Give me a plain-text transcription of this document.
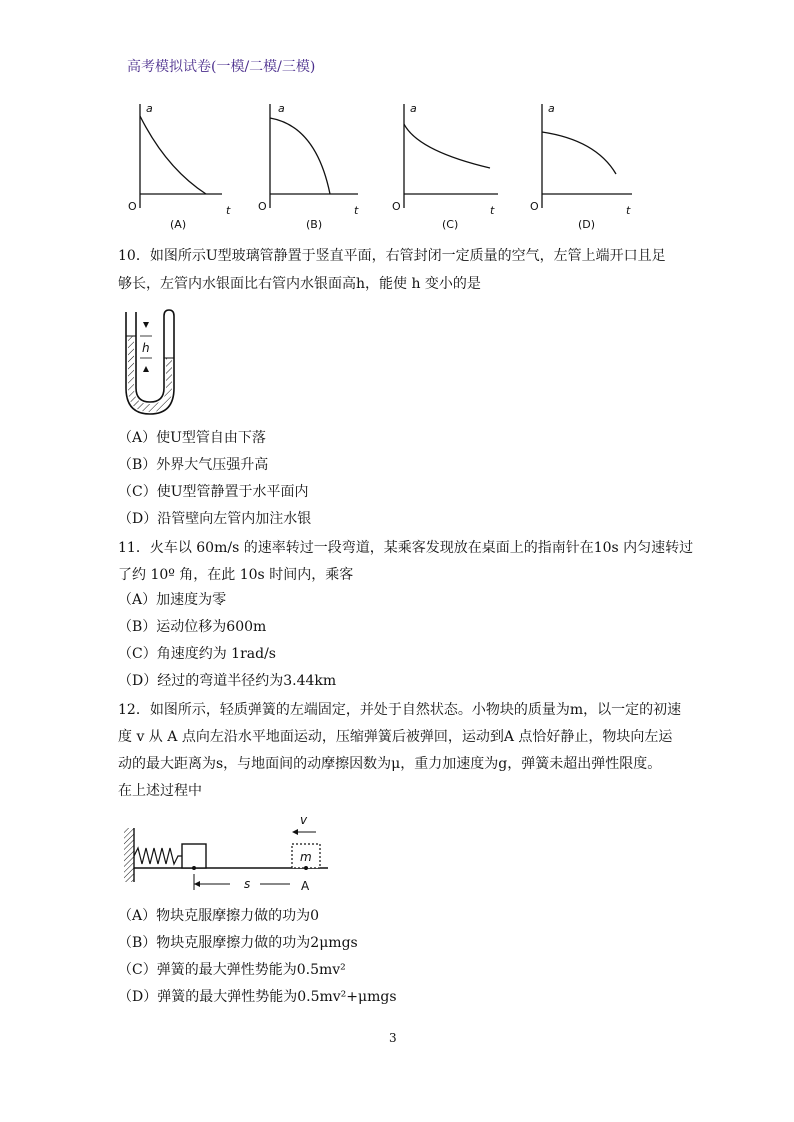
高考模拟试卷(一模/二模/三模)
a
t
O
(A)
a
t
O
(B)
a
t
O
(C)
a
t
O
(D)
10．如图所示U型玻璃管静置于竖直平面，右管封闭一定质量的空气，左管上端开口且足
够长，左管内水银面比右管内水银面高h，能使 h 变小的是
h
（A）使U型管自由下落
（B）外界大气压强升高
（C）使U型管静置于水平面内
（D）沿管壁向左管内加注水银
11．火车以 60m/s 的速率转过一段弯道，某乘客发现放在桌面上的指南针在10s 内匀速转过
了约 10º 角，在此 10s 时间内，乘客
（A）加速度为零
（B）运动位移为600m
（C）角速度约为 1rad/s
（D）经过的弯道半径约为3.44km
12．如图所示，轻质弹簧的左端固定，并处于自然状态。小物块的质量为m，以一定的初速
度 v 从 A 点向左沿水平地面运动，压缩弹簧后被弹回，运动到A 点恰好静止，物块向左运
动的最大距离为s，与地面间的动摩擦因数为μ，重力加速度为g，弹簧未超出弹性限度。
在上述过程中
m
v
s	A
（A）物块克服摩擦力做的功为0
（B）物块克服摩擦力做的功为2μmgs
（C）弹簧的最大弹性势能为0.5mv²
（D）弹簧的最大弹性势能为0.5mv²+μmgs
3
